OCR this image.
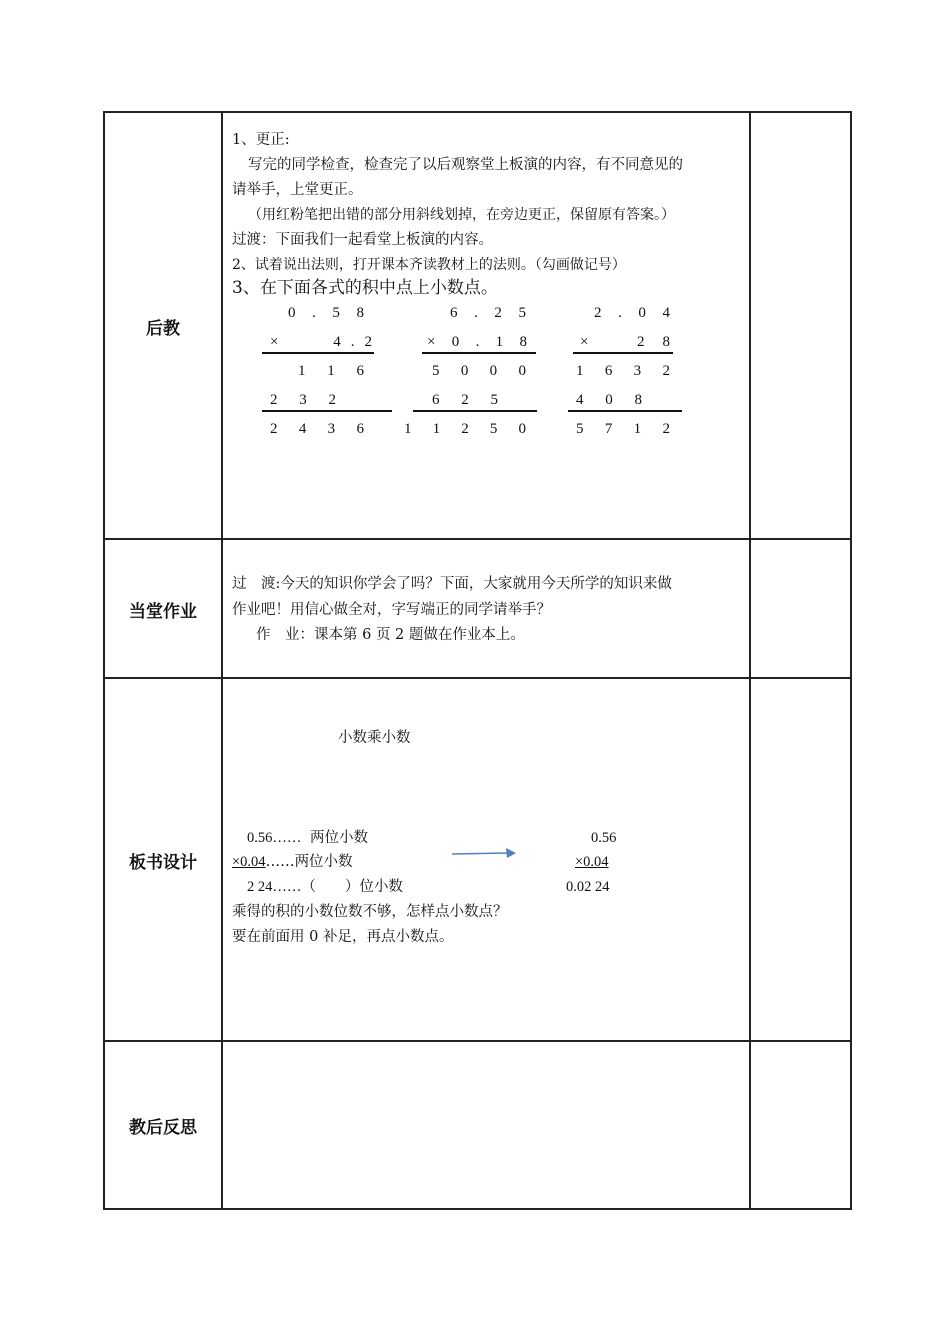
后教
当堂作业
板书设计
教后反思
1、更正:
写完的同学检查，检查完了以后观察堂上板演的内容，有不同意见的
请举手，上堂更正。
（用红粉笔把出错的部分用斜线划掉，在旁边更正，保留原有答案。）
过渡：下面我们一起看堂上板演的内容。
2、试着说出法则，打开课本齐读教材上的法则。（勾画做记号）
3、在下面各式的积中点上小数点。
0 . 5 8
×	4 . 2
1 1 6
2 3 2
2 4 3 6
6 . 2 5
× 0 . 1 8
5 0 0 0
6 2 5
1 1 2 5 0
2 . 0 4
×	2 8
1 6 3 2
4 0 8
5 7 1 2
过　渡:今天的知识你学会了吗？下面，大家就用今天所学的知识来做
作业吧！用信心做全对，字写端正的同学请举手？
作　业：课本第 6 页 2 题做在作业本上。
小数乘小数
0.56…… 两位小数
×0.04……两位小数
2 24……（　　）位小数
0.56
×0.04
0.02 24
乘得的积的小数位数不够，怎样点小数点？
要在前面用 0 补足，再点小数点。
